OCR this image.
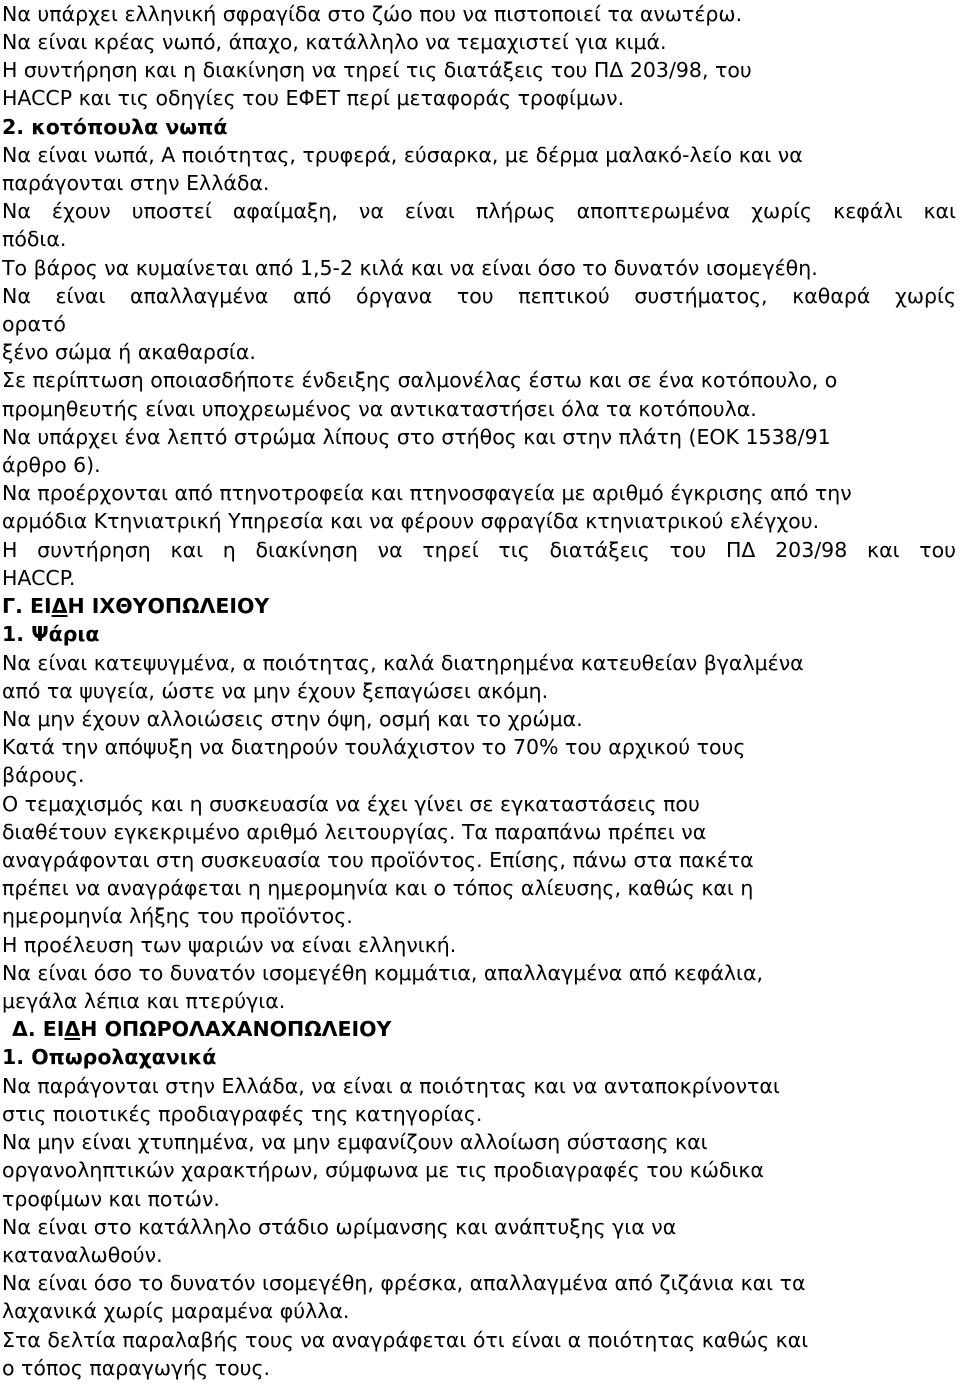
Να υπάρχει ελληνική σφραγίδα στο ζώο που να πιστοποιεί τα ανωτέρω.
Να είναι κρέας νωπό, άπαχο, κατάλληλο να τεμαχιστεί για κιμά.
Η συντήρηση και η διακίνηση να τηρεί τις διατάξεις του ΠΔ 203/98, του
HACCP και τις οδηγίες του ΕΦΕΤ περί μεταφοράς τροφίμων.
2. κοτόπουλα νωπά
Να είναι νωπά, Α ποιότητας, τρυφερά, εύσαρκα, με δέρμα μαλακό-λείο και να
παράγονται στην Ελλάδα.
Να έχουν υποστεί αφαίμαξη, να είναι πλήρως αποπτερωμένα χωρίς κεφάλι και
πόδια.
Το βάρος να κυμαίνεται από 1,5-2 κιλά και να είναι όσο το δυνατόν ισομεγέθη.
Να είναι απαλλαγμένα από όργανα του πεπτικού συστήματος, καθαρά χωρίς
ορατό
ξένο σώμα ή ακαθαρσία.
Σε περίπτωση οποιασδήποτε ένδειξης σαλμονέλας έστω και σε ένα κοτόπουλο, ο
προμηθευτής είναι υποχρεωμένος να αντικαταστήσει όλα τα κοτόπουλα.
Να υπάρχει ένα λεπτό στρώμα λίπους στο στήθος και στην πλάτη (ΕΟΚ 1538/91
άρθρο 6).
Να προέρχονται από πτηνοτροφεία και πτηνοσφαγεία με αριθμό έγκρισης από την
αρμόδια Κτηνιατρική Υπηρεσία και να φέρουν σφραγίδα κτηνιατρικού ελέγχου.
Η συντήρηση και η διακίνηση να τηρεί τις διατάξεις του ΠΔ 203/98 και του
HACCP.
Γ. ΕΙΔΗ ΙΧΘΥΟΠΩΛΕΙΟΥ
1. Ψάρια
Να είναι κατεψυγμένα, α ποιότητας, καλά διατηρημένα κατευθείαν βγαλμένα
από τα ψυγεία, ώστε να μην έχουν ξεπαγώσει ακόμη.
Να μην έχουν αλλοιώσεις στην όψη, οσμή και το χρώμα.
Κατά την απόψυξη να διατηρούν τουλάχιστον το 70% του αρχικού τους
βάρους.
Ο τεμαχισμός και η συσκευασία να έχει γίνει σε εγκαταστάσεις που
διαθέτουν εγκεκριμένο αριθμό λειτουργίας. Τα παραπάνω πρέπει να
αναγράφονται στη συσκευασία του προϊόντος. Επίσης, πάνω στα πακέτα
πρέπει να αναγράφεται η ημερομηνία και ο τόπος αλίευσης, καθώς και η
ημερομηνία λήξης του προϊόντος.
Η προέλευση των ψαριών να είναι ελληνική.
Να είναι όσο το δυνατόν ισομεγέθη κομμάτια, απαλλαγμένα από κεφάλια,
μεγάλα λέπια και πτερύγια.
Δ. ΕΙΔΗ ΟΠΩΡΟΛΑΧΑΝΟΠΩΛΕΙΟΥ
1. Οπωρολαχανικά
Να παράγονται στην Ελλάδα, να είναι α ποιότητας και να ανταποκρίνονται
στις ποιοτικές προδιαγραφές της κατηγορίας.
Να μην είναι χτυπημένα, να μην εμφανίζουν αλλοίωση σύστασης και
οργανοληπτικών χαρακτήρων, σύμφωνα με τις προδιαγραφές του κώδικα
τροφίμων και ποτών.
Να είναι στο κατάλληλο στάδιο ωρίμανσης και ανάπτυξης για να
καταναλωθούν.
Να είναι όσο το δυνατόν ισομεγέθη, φρέσκα, απαλλαγμένα από ζιζάνια και τα
λαχανικά χωρίς μαραμένα φύλλα.
Στα δελτία παραλαβής τους να αναγράφεται ότι είναι α ποιότητας καθώς και
ο τόπος παραγωγής τους.
